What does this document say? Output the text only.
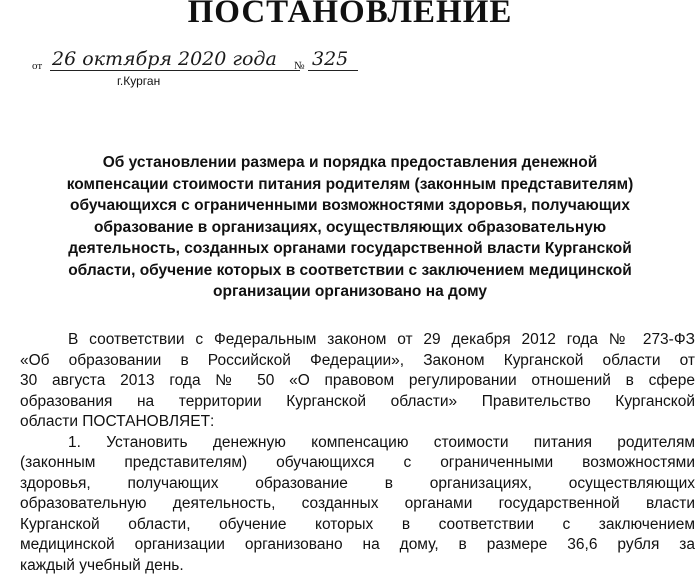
ПОСТАНОВЛЕНИЕ
от 26 октября 2020 года № 325
г.Курган
Об установлении размера и порядка предоставления денежной
компенсации стоимости питания родителям (законным представителям)
обучающихся с ограниченными возможностями здоровья, получающих
образование в организациях, осуществляющих образовательную
деятельность, созданных органами государственной власти Курганской
области, обучение которых в соответствии с заключением медицинской
организации организовано на дому
В соответствии с Федеральным законом от 29 декабря 2012 года № 273-ФЗ
«Об образовании в Российской Федерации», Законом Курганской области от
30 августа 2013 года № 50 «О правовом регулировании отношений в сфере
образования на территории Курганской области» Правительство Курганской
области ПОСТАНОВЛЯЕТ:
1. Установить денежную компенсацию стоимости питания родителям
(законным представителям) обучающихся с ограниченными возможностями
здоровья, получающих образование в организациях, осуществляющих
образовательную деятельность, созданных органами государственной власти
Курганской области, обучение которых в соответствии с заключением
медицинской организации организовано на дому, в размере 36,6 рубля за
каждый учебный день.
